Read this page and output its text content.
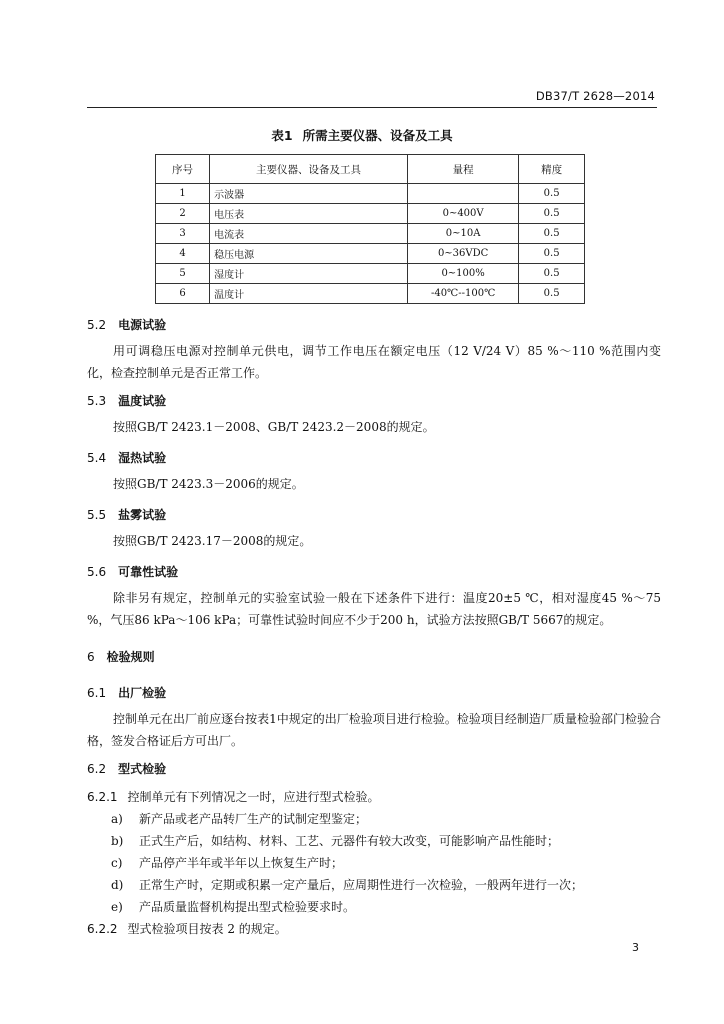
DB37/T 2628—2014
表1 所需主要仪器、设备及工具
序号	主要仪器、设备及工具	量程	精度
1	示波器		0.5
2	电压表	0~400V	0.5
3	电流表	0~10A	0.5
4	稳压电源	0~36VDC	0.5
5	湿度计	0~100%	0.5
6	温度计	-40℃--100℃	0.5
5.2 电源试验
用可调稳压电源对控制单元供电，调节工作电压在额定电压（12 V/24 V）85 %～110 %范围内变化，检查控制单元是否正常工作。
5.3 温度试验
按照GB/T 2423.1－2008、GB/T 2423.2－2008的规定。
5.4 湿热试验
按照GB/T 2423.3－2006的规定。
5.5 盐雾试验
按照GB/T 2423.17－2008的规定。
5.6 可靠性试验
除非另有规定，控制单元的实验室试验一般在下述条件下进行：温度20±5 ℃，相对湿度45 %～75 %，气压86 kPa～106 kPa；可靠性试验时间应不少于200 h，试验方法按照GB/T 5667的规定。
6 检验规则
6.1 出厂检验
控制单元在出厂前应逐台按表1中规定的出厂检验项目进行检验。检验项目经制造厂质量检验部门检验合格，签发合格证后方可出厂。
6.2 型式检验
6.2.1 控制单元有下列情况之一时，应进行型式检验。
a) 新产品或老产品转厂生产的试制定型鉴定；
b) 正式生产后，如结构、材料、工艺、元器件有较大改变，可能影响产品性能时；
c) 产品停产半年或半年以上恢复生产时；
d) 正常生产时，定期或积累一定产量后，应周期性进行一次检验，一般两年进行一次；
e) 产品质量监督机构提出型式检验要求时。
6.2.2 型式检验项目按表 2 的规定。
3
